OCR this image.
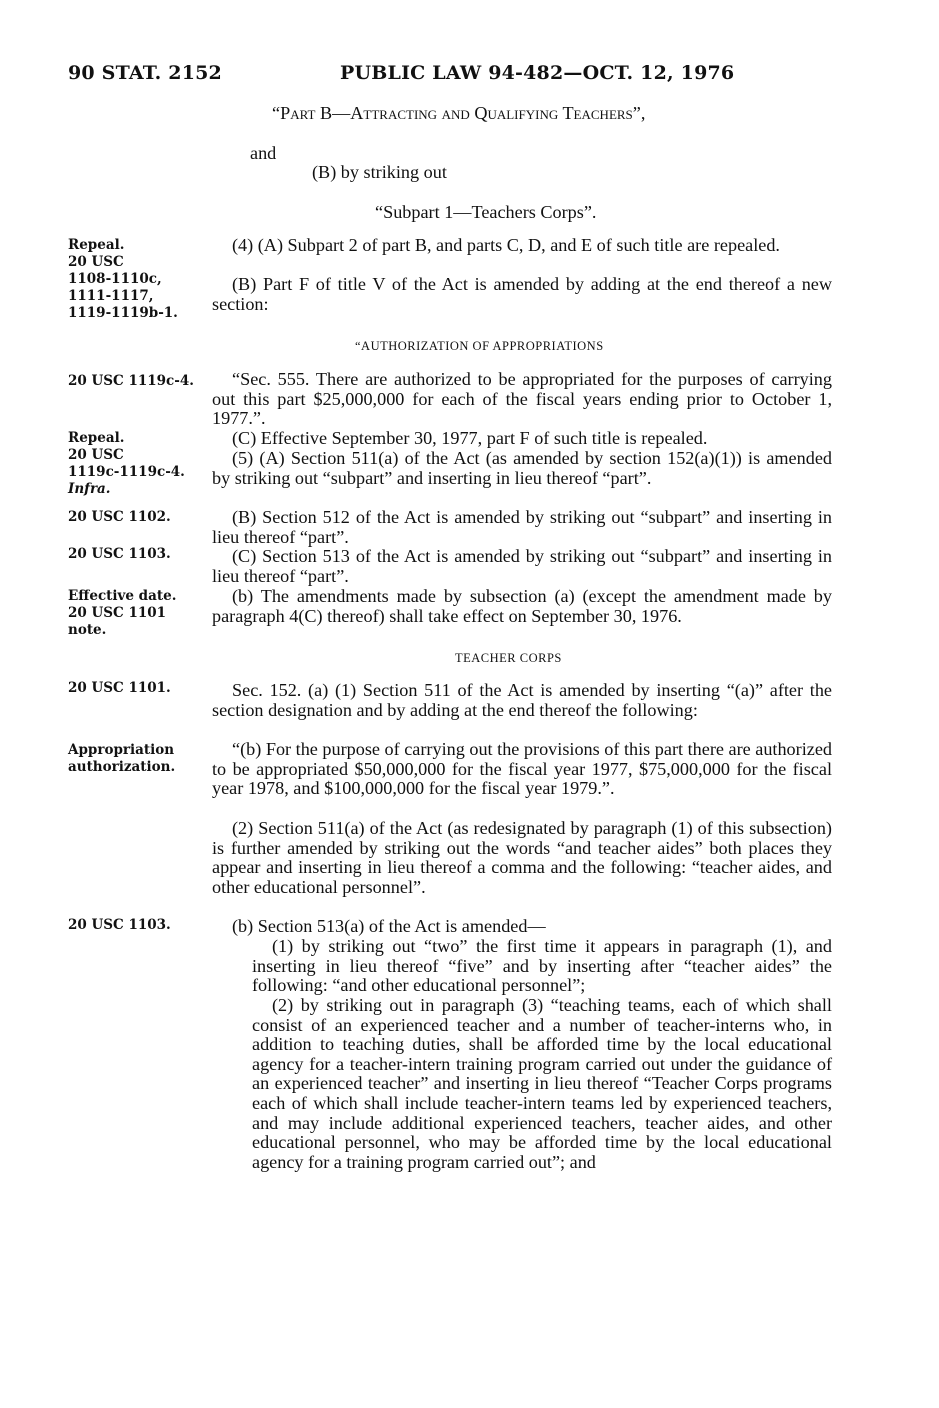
90 STAT. 2152	PUBLIC LAW 94-482—OCT. 12, 1976
Repeal.
20 USC
1108-1110c,
1111-1117,
1119-1119b-1.
20 USC 1119c-4.
Repeal.
20 USC
1119c-1119c-4.
Infra.
20 USC 1102.
20 USC 1103.
Effective date.
20 USC 1101
note.
20 USC 1101.
Appropriation
authorization.
20 USC 1103.
“Part B—Attracting and Qualifying Teachers”,
and
(B) by striking out
“Subpart 1—Teachers Corps”.

(4) (A) Subpart 2 of part B, and parts C, D, and E of such title are repealed.

(B) Part F of title V of the Act is amended by adding at the end thereof a new section:

“AUTHORIZATION OF APPROPRIATIONS

“Sec. 555. There are authorized to be appropriated for the purposes of carrying out this part $25,000,000 for each of the fiscal years ending prior to October 1, 1977.”.

(C) Effective September 30, 1977, part F of such title is repealed.

(5) (A) Section 511(a) of the Act (as amended by section 152(a)(1)) is amended by striking out “subpart” and inserting in lieu thereof “part”.

(B) Section 512 of the Act is amended by striking out “subpart” and inserting in lieu thereof “part”.

(C) Section 513 of the Act is amended by striking out “subpart” and inserting in lieu thereof “part”.

(b) The amendments made by subsection (a) (except the amendment made by paragraph 4(C) thereof) shall take effect on September 30, 1976.

TEACHER CORPS

Sec. 152. (a) (1) Section 511 of the Act is amended by inserting “(a)” after the section designation and by adding at the end thereof the following:

“(b) For the purpose of carrying out the provisions of this part there are authorized to be appropriated $50,000,000 for the fiscal year 1977, $75,000,000 for the fiscal year 1978, and $100,000,000 for the fiscal year 1979.”.

(2) Section 511(a) of the Act (as redesignated by paragraph (1) of this subsection) is further amended by striking out the words “and teacher aides” both places they appear and inserting in lieu thereof a comma and the following: “teacher aides, and other educational personnel”.

(b) Section 513(a) of the Act is amended—

(1) by striking out “two” the first time it appears in paragraph (1), and inserting in lieu thereof “five” and by inserting after “teacher aides” the following: “and other educational personnel”;

(2) by striking out in paragraph (3) “teaching teams, each of which shall consist of an experienced teacher and a number of teacher-interns who, in addition to teaching duties, shall be afforded time by the local educational agency for a teacher-intern training program carried out under the guidance of an experienced teacher” and inserting in lieu thereof “Teacher Corps programs each of which shall include teacher-intern teams led by experienced teachers, and may include additional experienced teachers, teacher aides, and other educational personnel, who may be afforded time by the local educational agency for a training program carried out”; and
